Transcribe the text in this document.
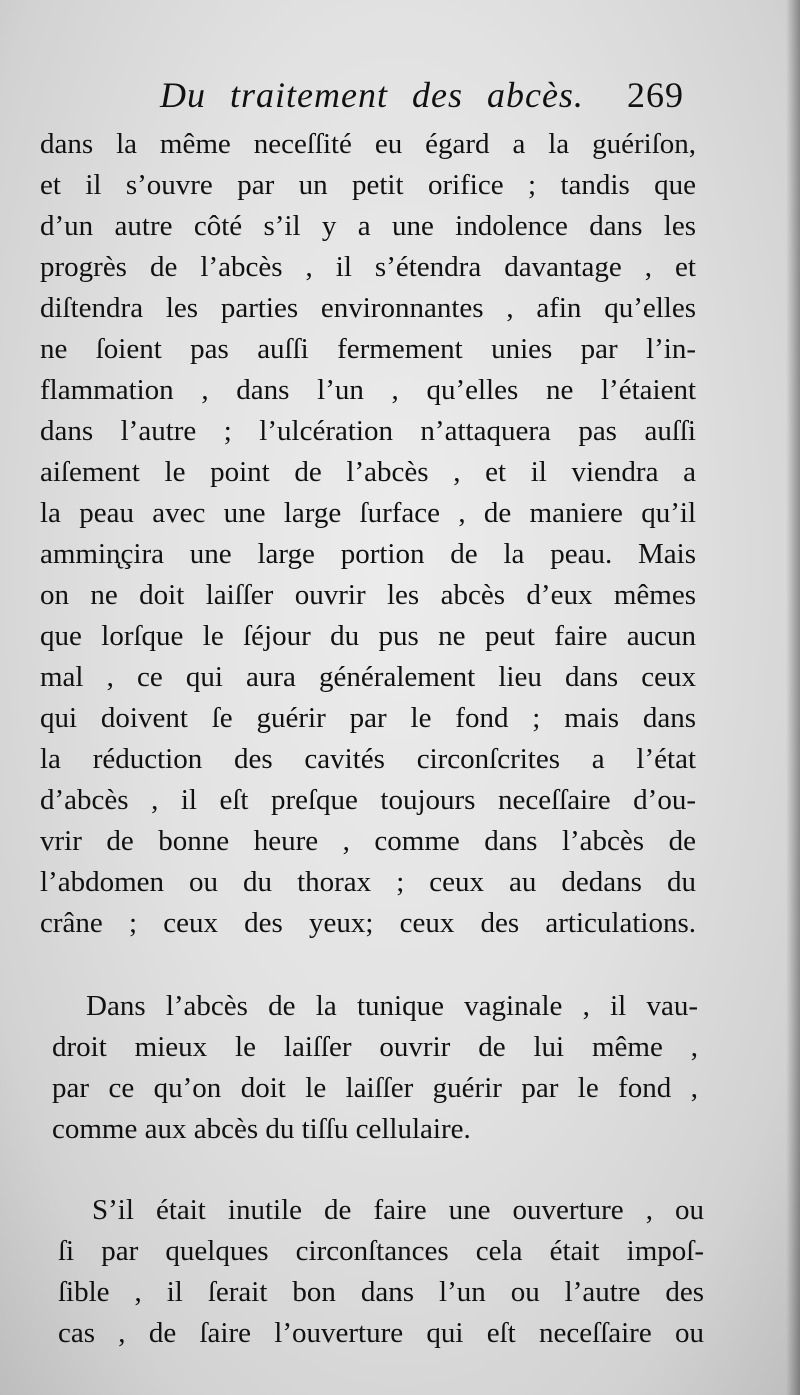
Du traitement des abcès. 269
dans la même neceſſité eu égard a la guériſon,
et il s’ouvre par un petit orifice ; tandis que
d’un autre côté s’il y a une indolence dans les
progrès de l’abcès , il s’étendra davantage , et
diſtendra les parties environnantes , afin qu’elles
ne ſoient pas auſſi fermement unies par l’in-
flammation , dans l’un , qu’elles ne l’étaient
dans l’autre ; l’ulcération n’attaquera pas auſſi
aiſement le point de l’abcès , et il viendra a
la peau avec une large ſurface , de maniere qu’il
ammin̨çira une large portion de la peau. Mais
on ne doit laiſſer ouvrir les abcès d’eux mêmes
que lorſque le ſéjour du pus ne peut faire aucun
mal , ce qui aura généralement lieu dans ceux
qui doivent ſe guérir par le fond ; mais dans
la réduction des cavités circonſcrites a l’état
d’abcès , il eſt preſque toujours neceſſaire d’ou-
vrir de bonne heure , comme dans l’abcès de
l’abdomen ou du thorax ; ceux au dedans du
crâne ; ceux des yeux; ceux des articulations.
Dans l’abcès de la tunique vaginale , il vau-
droit mieux le laiſſer ouvrir de lui même ,
par ce qu’on doit le laiſſer guérir par le fond ,
comme aux abcès du tiſſu cellulaire.
S’il était inutile de faire une ouverture , ou
ſi par quelques circonſtances cela était impoſ-
ſible , il ſerait bon dans l’un ou l’autre des
cas , de ſaire l’ouverture qui eſt neceſſaire ou
